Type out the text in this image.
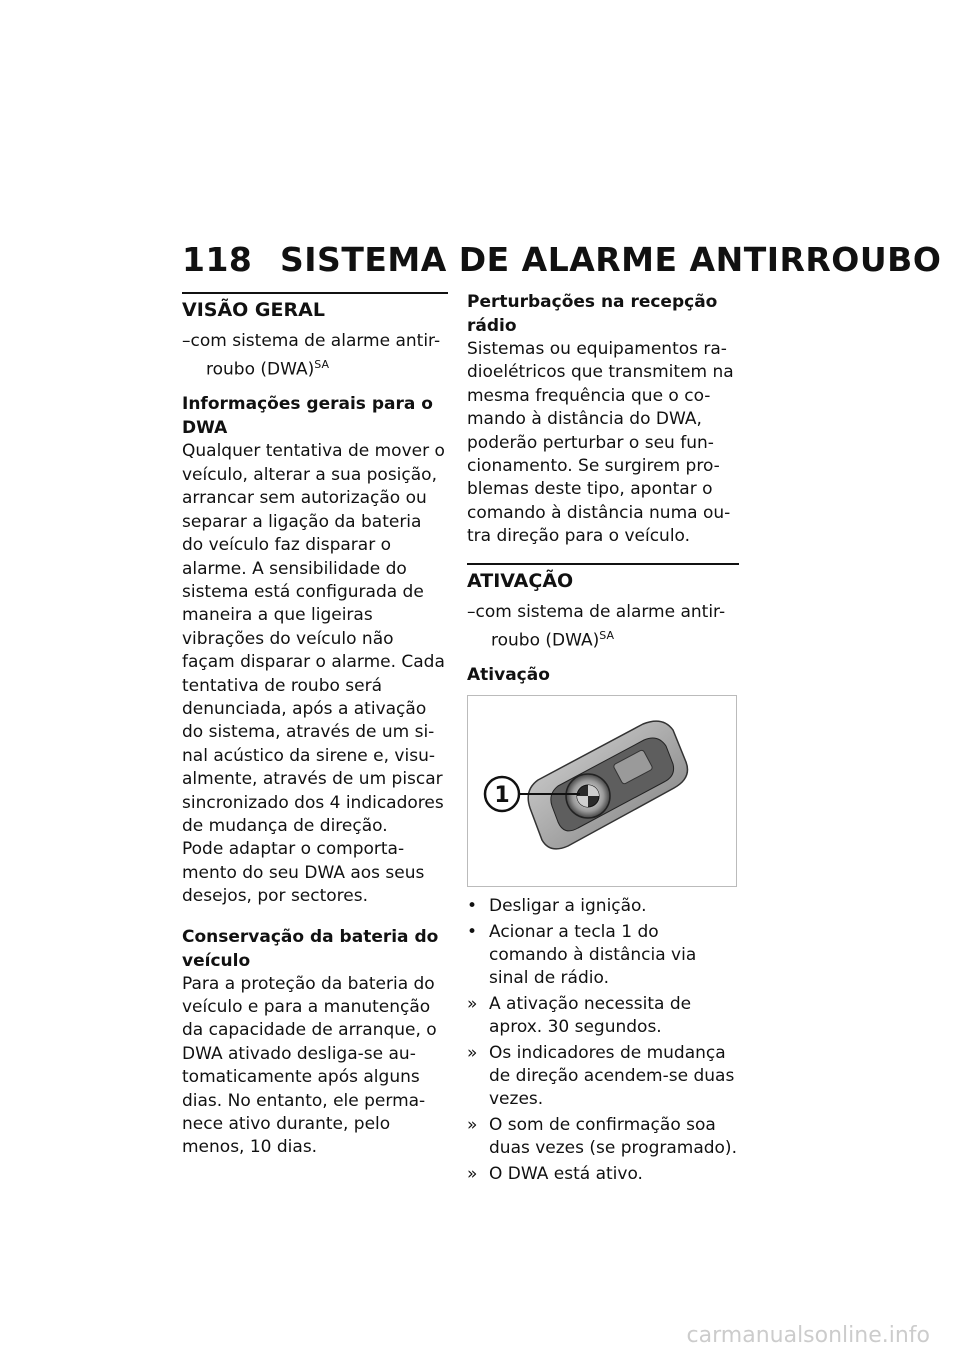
118 SISTEMA DE ALARME ANTIRROUBO
VISÃO GERAL

–com sistema de alarme antir-roubo (DWA)$^{SA}$

Informações gerais para o DWA

Qualquer tentativa de mover o veículo, alterar a sua posição, arrancar sem autorização ou separar a ligação da bateria do veículo faz disparar o alarme. A sensibilidade do sistema está configurada de maneira a que ligeiras vibrações do veículo não façam disparar o alarme. Cada tentativa de roubo será denunciada, após a ativação do sistema, através de um si-nal acústico da sirene e, visu-almente, através de um piscar sincronizado dos 4 indicadores de mudança de direção.

Pode adaptar o comporta-mento do seu DWA aos seus desejos, por sectores.

Conservação da bateria do veículo

Para a proteção da bateria do veículo e para a manutenção da capacidade de arranque, o DWA ativado desliga-se au-tomaticamente após alguns dias. No entanto, ele perma-nece ativo durante, pelo menos, 10 dias.

Perturbações na recepção rádio

Sistemas ou equipamentos ra-dioelétricos que transmitem na mesma frequência que o co-mando à distância do DWA, poderão perturbar o seu fun-cionamento. Se surgirem pro-blemas deste tipo, apontar o comando à distância numa ou-tra direção para o veículo.

ATIVAÇÃO

–com sistema de alarme antir-roubo (DWA)$^{SA}$

Ativação
1
• Desligar a ignição.
• Acionar a tecla 1 do comando à distância via sinal de rádio.
» A ativação necessita de aprox. 30 segundos.
» Os indicadores de mudança de direção acendem-se duas vezes.
» O som de confirmação soa duas vezes (se programado).
» O DWA está ativo.
carmanualsonline.info
